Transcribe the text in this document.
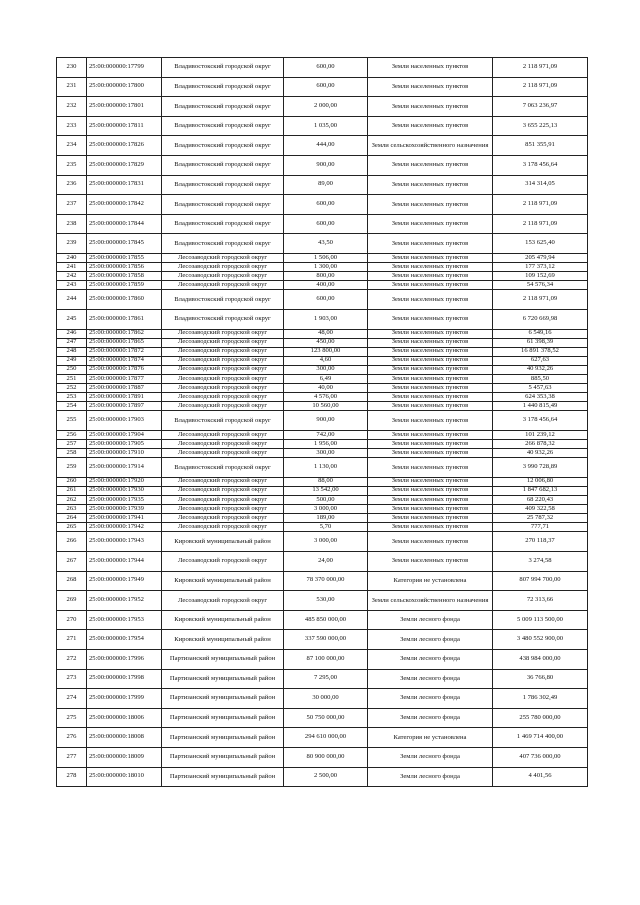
230	25:00:000000:17799	Владивостокский городской округ	600,00	Земли населенных пунктов	2 118 971,09
231	25:00:000000:17800	Владивостокский городской округ	600,00	Земли населенных пунктов	2 118 971,09
232	25:00:000000:17801	Владивостокский городской округ	2 000,00	Земли населенных пунктов	7 063 236,97
233	25:00:000000:17811	Владивостокский городской округ	1 035,00	Земли населенных пунктов	3 655 225,13
234	25:00:000000:17826	Владивостокский городской округ	444,00	Земли сельскохозяйственного назначения	851 355,91
235	25:00:000000:17829	Владивостокский городской округ	900,00	Земли населенных пунктов	3 178 456,64
236	25:00:000000:17831	Владивостокский городской округ	89,00	Земли населенных пунктов	314 314,05
237	25:00:000000:17842	Владивостокский городской округ	600,00	Земли населенных пунктов	2 118 971,09
238	25:00:000000:17844	Владивостокский городской округ	600,00	Земли населенных пунктов	2 118 971,09
239	25:00:000000:17845	Владивостокский городской округ	43,50	Земли населенных пунктов	153 625,40
240	25:00:000000:17855	Лесозаводский городской округ	1 506,00	Земли населенных пунктов	205 479,94
241	25:00:000000:17856	Лесозаводский городской округ	1 300,00	Земли населенных пунктов	177 373,12
242	25:00:000000:17858	Лесозаводский городской округ	800,00	Земли населенных пунктов	109 152,69
243	25:00:000000:17859	Лесозаводский городской округ	400,00	Земли населенных пунктов	54 576,34
244	25:00:000000:17860	Владивостокский городской округ	600,00	Земли населенных пунктов	2 118 971,09
245	25:00:000000:17861	Владивостокский городской округ	1 903,00	Земли населенных пунктов	6 720 669,98
246	25:00:000000:17862	Лесозаводский городской округ	48,00	Земли населенных пунктов	6 549,16
247	25:00:000000:17865	Лесозаводский городской округ	450,00	Земли населенных пунктов	61 398,39
248	25:00:000000:17872	Лесозаводский городской округ	123 800,00	Земли населенных пунктов	16 891 378,52
249	25:00:000000:17874	Лесозаводский городской округ	4,60	Земли населенных пунктов	627,63
250	25:00:000000:17876	Лесозаводский городской округ	300,00	Земли населенных пунктов	40 932,26
251	25:00:000000:17877	Лесозаводский городской округ	6,49	Земли населенных пунктов	885,50
252	25:00:000000:17887	Лесозаводский городской округ	40,00	Земли населенных пунктов	5 457,63
253	25:00:000000:17891	Лесозаводский городской округ	4 576,00	Земли населенных пунктов	624 353,38
254	25:00:000000:17897	Лесозаводский городской округ	10 560,00	Земли населенных пунктов	1 440 815,49
255	25:00:000000:17903	Владивостокский городской округ	900,00	Земли населенных пунктов	3 178 456,64
256	25:00:000000:17904	Лесозаводский городской округ	742,00	Земли населенных пунктов	101 239,12
257	25:00:000000:17905	Лесозаводский городской округ	1 956,00	Земли населенных пунктов	266 878,32
258	25:00:000000:17910	Лесозаводский городской округ	300,00	Земли населенных пунктов	40 932,26
259	25:00:000000:17914	Владивостокский городской округ	1 130,00	Земли населенных пунктов	3 990 728,89
260	25:00:000000:17920	Лесозаводский городской округ	88,00	Земли населенных пунктов	12 006,80
261	25:00:000000:17930	Лесозаводский городской округ	13 542,00	Земли населенных пунктов	1 847 682,13
262	25:00:000000:17935	Лесозаводский городской округ	500,00	Земли населенных пунктов	68 220,43
263	25:00:000000:17939	Лесозаводский городской округ	3 000,00	Земли населенных пунктов	409 322,58
264	25:00:000000:17941	Лесозаводский городской округ	189,00	Земли населенных пунктов	25 787,32
265	25:00:000000:17942	Лесозаводский городской округ	5,70	Земли населенных пунктов	777,71
266	25:00:000000:17943	Кировский муниципальный район	3 000,00	Земли населенных пунктов	270 118,37
267	25:00:000000:17944	Лесозаводский городской округ	24,00	Земли населенных пунктов	3 274,58
268	25:00:000000:17949	Кировский муниципальный район	78 370 000,00	Категория не установлена	807 994 700,00
269	25:00:000000:17952	Лесозаводский городской округ	530,00	Земли сельскохозяйственного назначения	72 313,66
270	25:00:000000:17953	Кировский муниципальный район	485 850 000,00	Земли лесного фонда	5 009 113 500,00
271	25:00:000000:17954	Кировский муниципальный район	337 590 000,00	Земли лесного фонда	3 480 552 900,00
272	25:00:000000:17996	Партизанский муниципальный район	87 100 000,00	Земли лесного фонда	438 984 000,00
273	25:00:000000:17998	Партизанский муниципальный район	7 295,00	Земли лесного фонда	36 766,80
274	25:00:000000:17999	Партизанский муниципальный район	30 000,00	Земли лесного фонда	1 786 302,49
275	25:00:000000:18006	Партизанский муниципальный район	50 750 000,00	Земли лесного фонда	255 780 000,00
276	25:00:000000:18008	Партизанский муниципальный район	294 610 000,00	Категория не установлена	1 469 714 400,00
277	25:00:000000:18009	Партизанский муниципальный район	80 900 000,00	Земли лесного фонда	407 736 000,00
278	25:00:000000:18010	Партизанский муниципальный район	2 500,00	Земли лесного фонда	4 401,56
